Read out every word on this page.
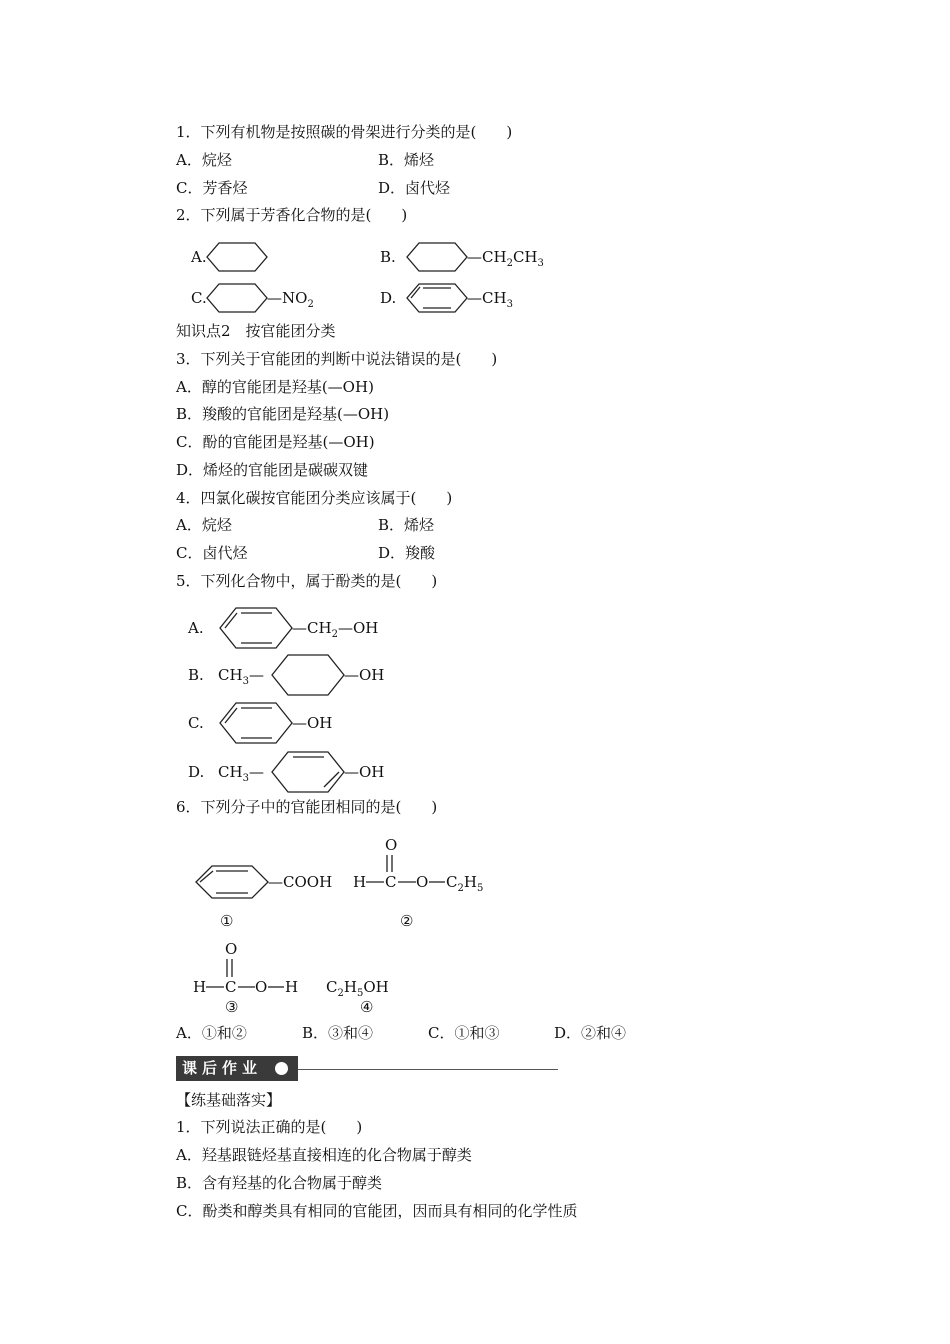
1．下列有机物是按照碳的骨架进行分类的是(　　)
A．烷烃	B．烯烃
C．芳香烃	D．卤代烃
2．下列属于芳香化合物的是(　　)
A.	B.	$—CH_2CH_3$
C.	$—NO_2$	D.	$—CH_3$
知识点2　按官能团分类
3．下列关于官能团的判断中说法错误的是(　　)
A．醇的官能团是羟基(—OH)
B．羧酸的官能团是羟基(—OH)
C．酚的官能团是羟基(—OH)
D．烯烃的官能团是碳碳双键
4．四氯化碳按官能团分类应该属于(　　)
A．烷烃	B．烯烃
C．卤代烃	D．羧酸
5．下列化合物中，属于酚类的是(　　)
A.	$—CH_2—OH$
B. $CH_3—$	—OH
C.	—OH
D. $CH_3—$	—OH
6．下列分子中的官能团相同的是(　　)
—COOH
①
O
H C O $C_2H_5$
②
O
H C O H
③
$C_2H_5OH$
④
A．①和②	B．③和④	C．①和③	D．②和④
课后作业
【练基础落实】
1．下列说法正确的是(　　)
A．羟基跟链烃基直接相连的化合物属于醇类
B．含有羟基的化合物属于醇类
C．酚类和醇类具有相同的官能团，因而具有相同的化学性质
